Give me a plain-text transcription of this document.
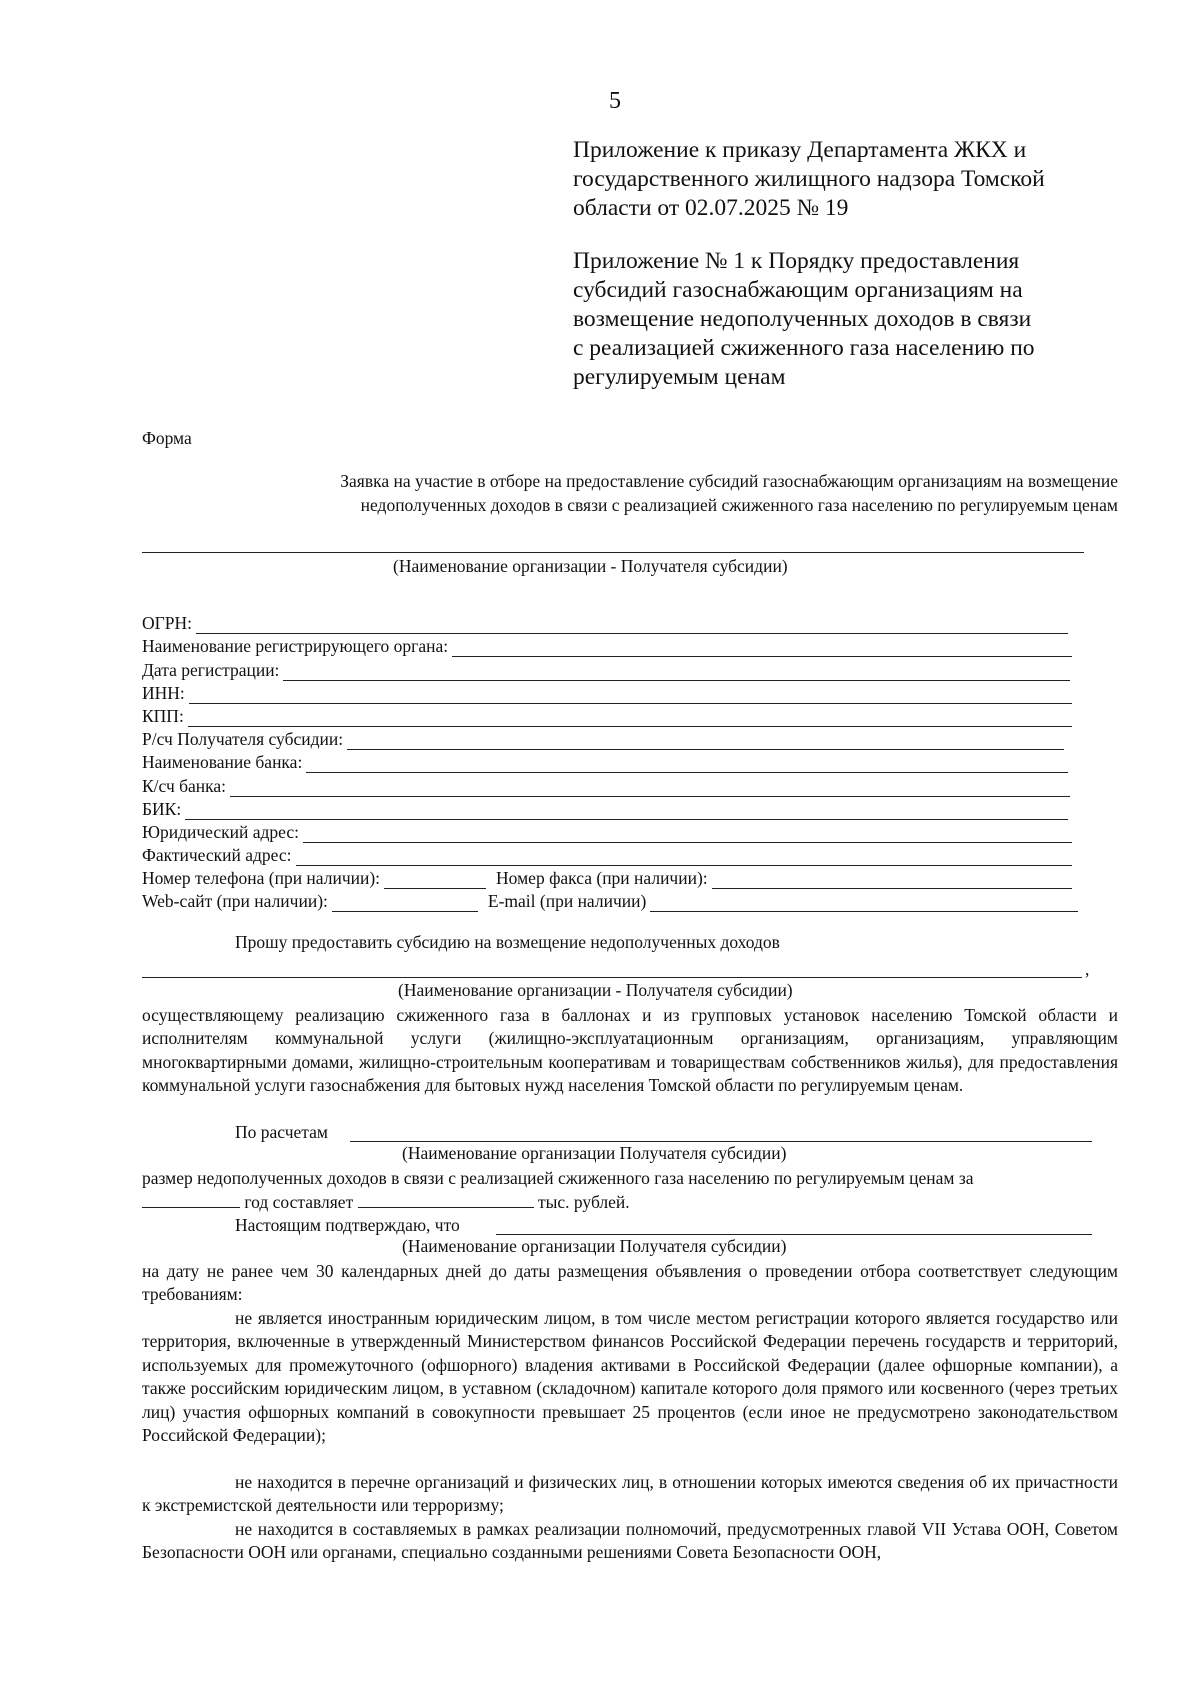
5
Приложение к приказу Департамента ЖКХ и
государственного жилищного надзора Томской
области от 02.07.2025 № 19
Приложение № 1 к Порядку предоставления
субсидий газоснабжающим организациям на
возмещение недополученных доходов в связи
с реализацией сжиженного газа населению по
регулируемым ценам
Форма
Заявка на участие в отборе на предоставление субсидий газоснабжающим организациям на возмещение
недополученных доходов в связи с реализацией сжиженного газа населению по регулируемым ценам
(Наименование организации - Получателя субсидии)
ОГРН:
Наименование регистрирующего органа:
Дата регистрации:
ИНН:
КПП:
Р/сч Получателя субсидии:
Наименование банка:
К/сч банка:
БИК:
Юридический адрес:
Фактический адрес:
Номер телефона (при наличии):	Номер факса (при наличии):
Web-сайт (при наличии):	E-mail (при наличии)
Прошу предоставить субсидию на возмещение недополученных доходов
,
(Наименование организации - Получателя субсидии)
осуществляющему реализацию сжиженного газа в баллонах и из групповых установок населению Томской области и исполнителям коммунальной услуги (жилищно-эксплуатационным организациям, организациям, управляющим многоквартирными домами, жилищно-строительным кооперативам и товариществам собственников жилья), для предоставления коммунальной услуги газоснабжения для бытовых нужд населения Томской области по регулируемым ценам.
По расчетам
(Наименование организации Получателя субсидии)
размер недополученных доходов в связи с реализацией сжиженного газа населению по регулируемым ценам за
год составляет	тыс. рублей.
Настоящим подтверждаю, что
(Наименование организации Получателя субсидии)
на дату не ранее чем 30 календарных дней до даты размещения объявления о проведении отбора соответствует следующим требованиям:
не является иностранным юридическим лицом, в том числе местом регистрации которого является государство или территория, включенные в утвержденный Министерством финансов Российской Федерации перечень государств и территорий, используемых для промежуточного (офшорного) владения активами в Российской Федерации (далее офшорные компании), а также российским юридическим лицом, в уставном (складочном) капитале которого доля прямого или косвенного (через третьих лиц) участия офшорных компаний в совокупности превышает 25 процентов (если иное не предусмотрено законодательством Российской Федерации);
не находится в перечне организаций и физических лиц, в отношении которых имеются сведения об их причастности к экстремистской деятельности или терроризму;
не находится в составляемых в рамках реализации полномочий, предусмотренных главой VII Устава ООН, Советом Безопасности ООН или органами, специально созданными решениями Совета Безопасности ООН,
